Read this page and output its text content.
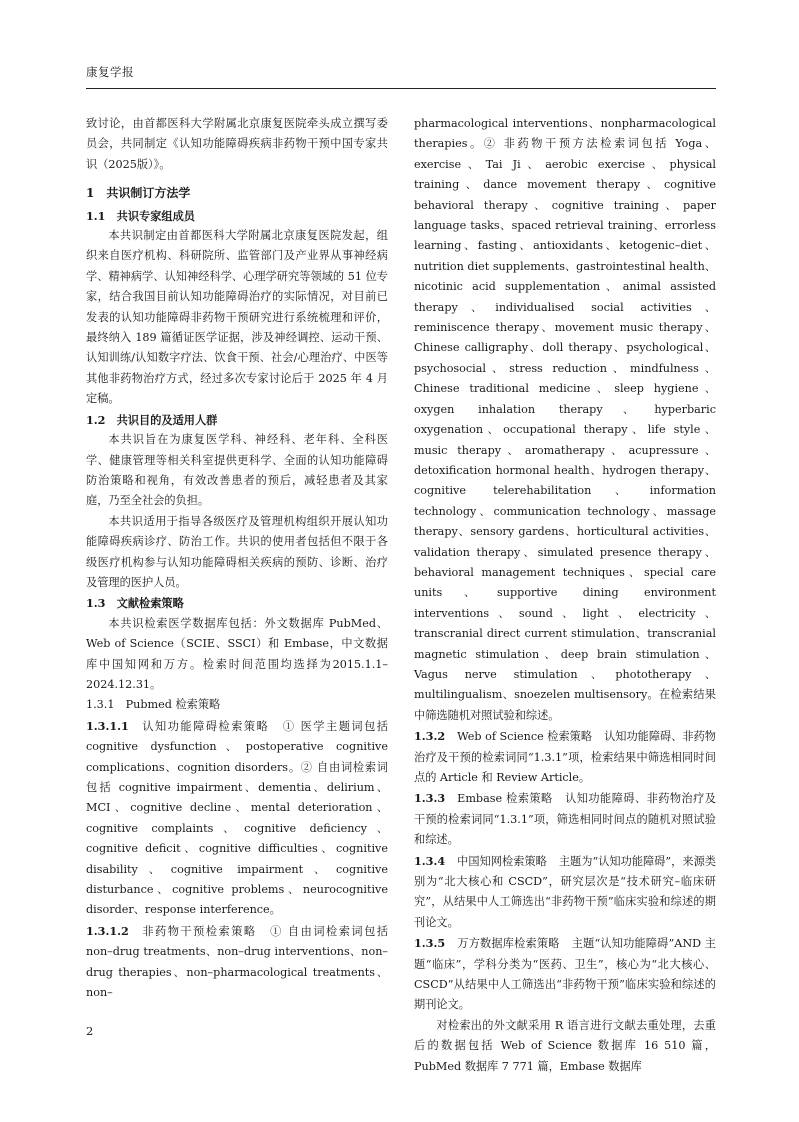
康复学报

致讨论，由首都医科大学附属北京康复医院牵头成立撰写委员会，共同制定《认知功能障碍疾病非药物干预中国专家共识（2025版）》。

1　共识制订方法学

1.1　共识专家组成员

本共识制定由首都医科大学附属北京康复医院发起，组织来自医疗机构、科研院所、监管部门及产业界从事神经病学、精神病学、认知神经科学、心理学研究等领域的 51 位专家，结合我国目前认知功能障碍治疗的实际情况，对目前已发表的认知功能障碍非药物干预研究进行系统梳理和评价，最终纳入 189 篇循证医学证据，涉及神经调控、运动干预、认知训练/认知数字疗法、饮食干预、社会/心理治疗、中医等其他非药物治疗方式，经过多次专家讨论后于 2025 年 4 月定稿。

1.2　共识目的及适用人群

本共识旨在为康复医学科、神经科、老年科、全科医学、健康管理等相关科室提供更科学、全面的认知功能障碍防治策略和视角，有效改善患者的预后，减轻患者及其家庭，乃至全社会的负担。

本共识适用于指导各级医疗及管理机构组织开展认知功能障碍疾病诊疗、防治工作。共识的使用者包括但不限于各级医疗机构参与认知功能障碍相关疾病的预防、诊断、治疗及管理的医护人员。

1.3　文献检索策略

本共识检索医学数据库包括：外文数据库 PubMed、Web of Science（SCIE、SSCI）和 Embase，中文数据库中国知网和万方。检索时间范围均选择为2015.1.1–2024.12.31。

1.3.1　Pubmed 检索策略

1.3.1.1 认知功能障碍检索策略 ① 医学主题词包括 cognitive dysfunction、postoperative cognitive complications、cognition disorders。② 自由词检索词包括 cognitive impairment、dementia、delirium、MCI、cognitive decline、mental deterioration、cognitive complaints、cognitive deficiency、cognitive deficit、cognitive difficulties、cognitive disability、cognitive impairment、cognitive disturbance、cognitive problems、neurocognitive disorder、response interference。

1.3.1.2 非药物干预检索策略 ① 自由词检索词包括 non–drug treatments、non–drug interventions、non–drug therapies、non–pharmacological treatments、non–

pharmacological interventions、nonpharmacological therapies。② 非药物干预方法检索词包括 Yoga、exercise、Tai Ji、aerobic exercise、physical training、dance movement therapy、cognitive behavioral therapy、cognitive training、paper language tasks、spaced retrieval training、errorless learning、fasting、antioxidants、ketogenic–diet、nutrition diet supplements、gastrointestinal health、nicotinic acid supplementation、animal assisted therapy、individualised social activities、reminiscence therapy、movement music therapy、Chinese calligraphy、doll therapy、psychological、psychosocial、stress reduction、mindfulness、Chinese traditional medicine、sleep hygiene、oxygen inhalation therapy、hyperbaric oxygenation、occupational therapy、life style、music therapy、aromatherapy、acupressure、detoxification hormonal health、hydrogen therapy、cognitive telerehabilitation、information technology、communication technology、massage therapy、sensory gardens、horticultural activities、validation therapy、simulated presence therapy、behavioral management techniques、special care units、supportive dining environment interventions、sound、light、electricity、transcranial direct current stimulation、transcranial magnetic stimulation、deep brain stimulation、Vagus nerve stimulation、phototherapy、multilingualism、snoezelen multisensory。在检索结果中筛选随机对照试验和综述。

1.3.2 Web of Science 检索策略 认知功能障碍、非药物治疗及干预的检索词同“1.3.1”项，检索结果中筛选相同时间点的 Article 和 Review Article。

1.3.3 Embase 检索策略 认知功能障碍、非药物治疗及干预的检索词同“1.3.1”项，筛选相同时间点的随机对照试验和综述。

1.3.4 中国知网检索策略 主题为“认知功能障碍”，来源类别为“北大核心和 CSCD”，研究层次是“技术研究–临床研究”，从结果中人工筛选出“非药物干预”临床实验和综述的期刊论文。

1.3.5 万方数据库检索策略 主题“认知功能障碍”AND 主题“临床”，学科分类为“医药、卫生”，核心为“北大核心、CSCD”从结果中人工筛选出“非药物干预”临床实验和综述的期刊论文。

对检索出的外文献采用 R 语言进行文献去重处理，去重后的数据包括 Web of Science 数据库 16 510 篇，PubMed 数据库 7 771 篇，Embase 数据库

2
